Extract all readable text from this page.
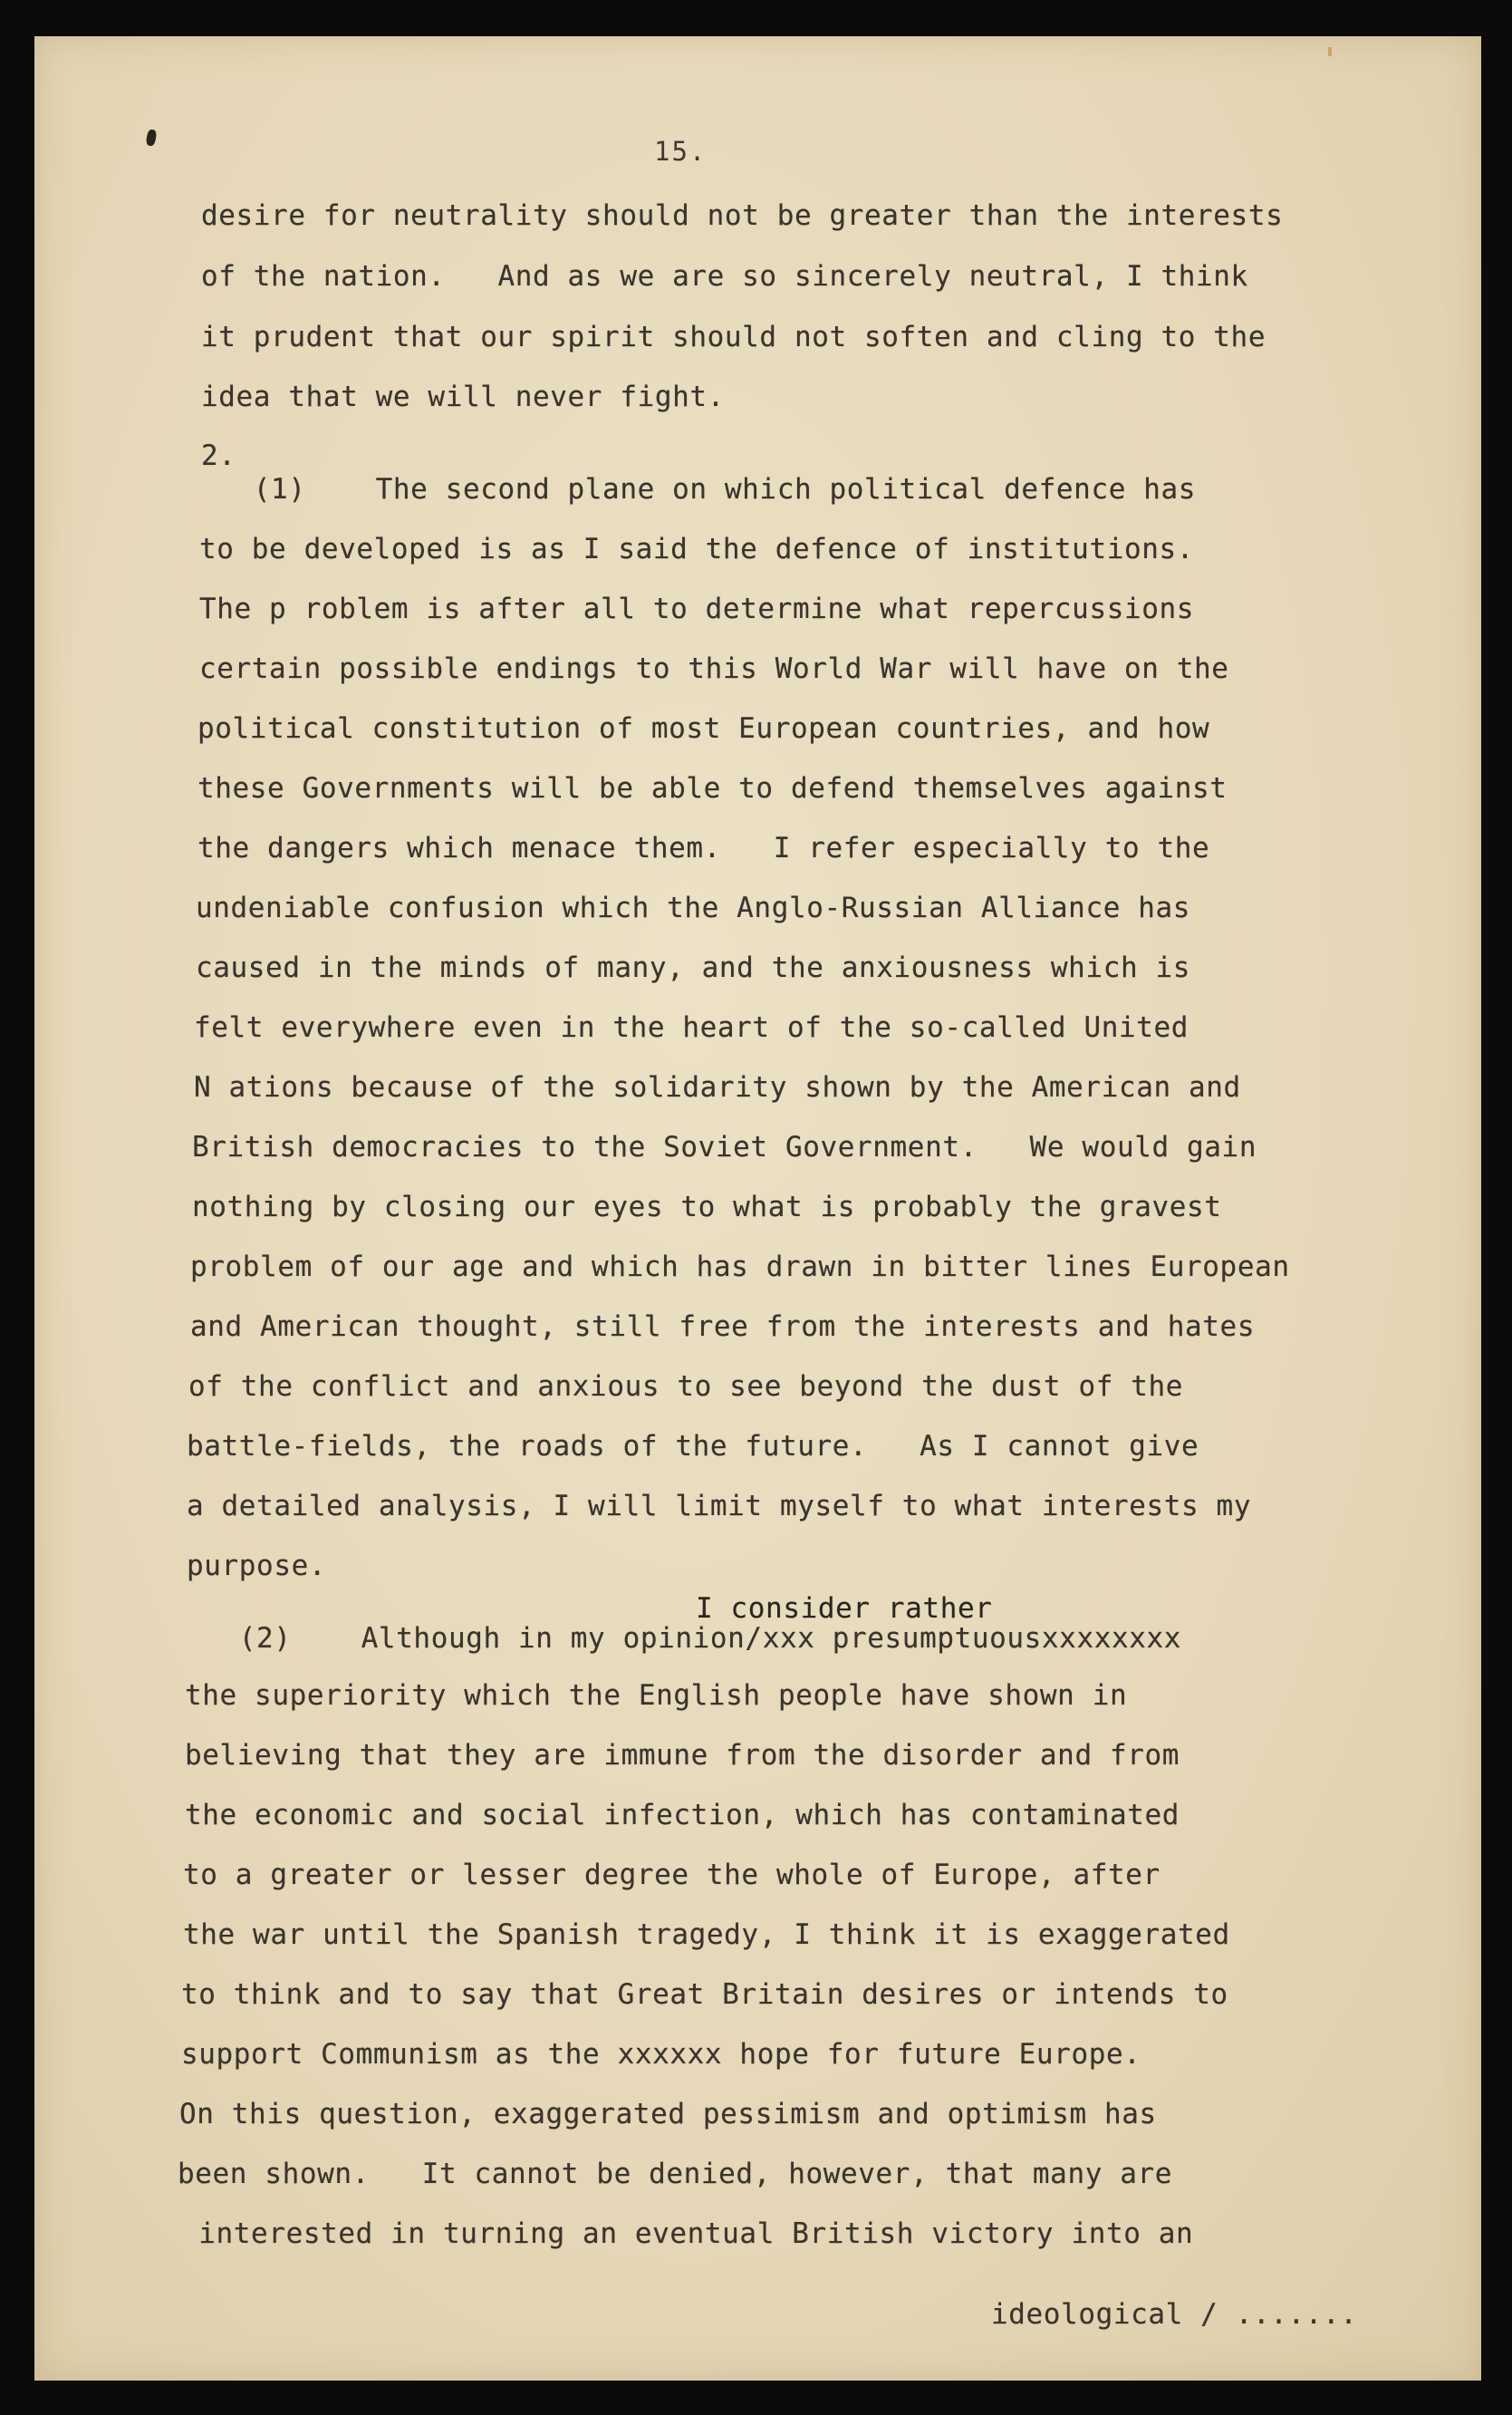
15.
desire for neutrality should not be greater than the interests
of the nation.   And as we are so sincerely neutral, I think
it prudent that our spirit should not soften and cling to the
idea that we will never fight.
2.
(1)    The second plane on which political defence has
to be developed is as I said the defence of institutions.
The p roblem is after all to determine what repercussions
certain possible endings to this World War will have on the
political constitution of most European countries, and how
these Governments will be able to defend themselves against
the dangers which menace them.   I refer especially to the
undeniable confusion which the Anglo-Russian Alliance has
caused in the minds of many, and the anxiousness which is
felt everywhere even in the heart of the so-called United
N ations because of the solidarity shown by the American and
British democracies to the Soviet Government.   We would gain
nothing by closing our eyes to what is probably the gravest
problem of our age and which has drawn in bitter lines European
and American thought, still free from the interests and hates
of the conflict and anxious to see beyond the dust of the
battle-fields, the roads of the future.   As I cannot give
a detailed analysis, I will limit myself to what interests my
purpose.
I consider rather
(2)    Although in my opinion/xxx presumptuousxxxxxxxx
the superiority which the English people have shown in
believing that they are immune from the disorder and from
the economic and social infection, which has contaminated
to a greater or lesser degree the whole of Europe, after
the war until the Spanish tragedy, I think it is exaggerated
to think and to say that Great Britain desires or intends to
support Communism as the xxxxxx hope for future Europe.
On this question, exaggerated pessimism and optimism has
been shown.   It cannot be denied, however, that many are
interested in turning an eventual British victory into an
ideological / .......
